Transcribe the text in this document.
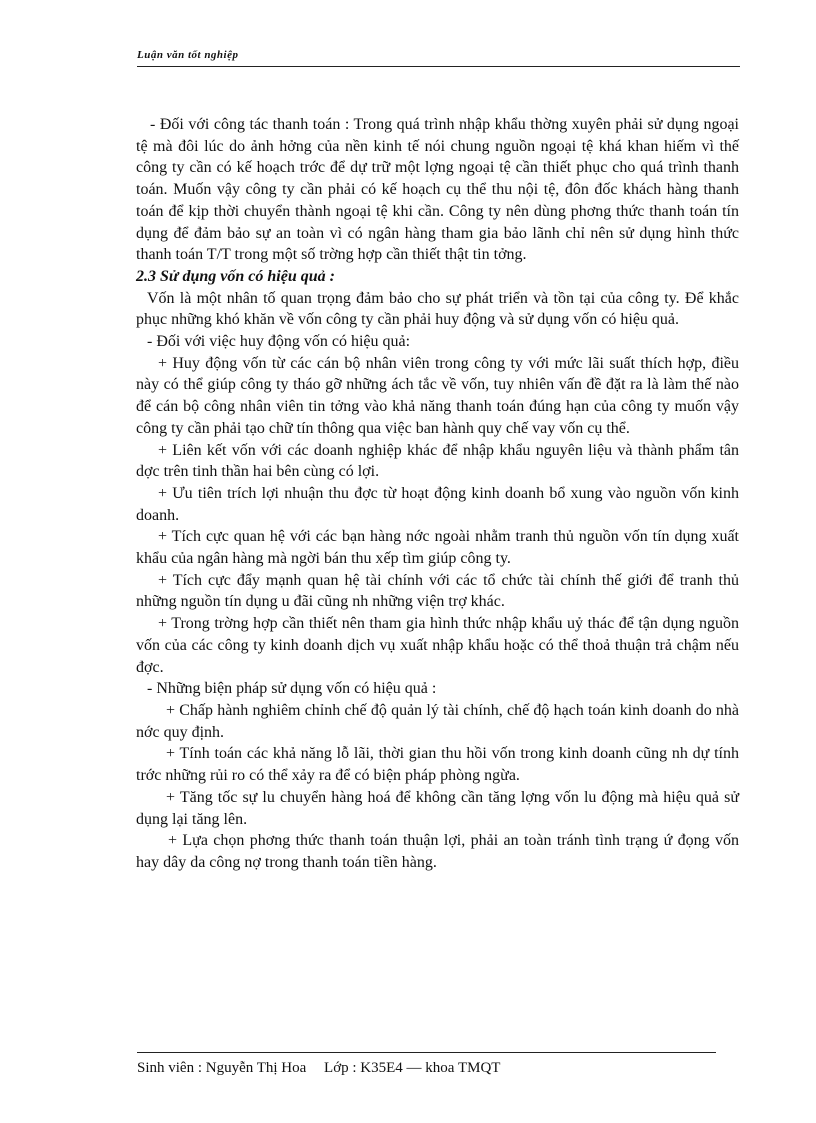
Luận văn tốt nghiệp

- Đối với công tác thanh toán : Trong quá trình nhập khẩu thờng xuyên phải sử dụng ngoại tệ mà đôi lúc do ảnh hởng của nền kinh tế nói chung nguồn ngoại tệ khá khan hiếm vì thế công ty cần có kế hoạch trớc để dự trữ một lợng ngoại tệ cần thiết phục cho quá trình thanh toán. Muốn vậy công ty cần phải có kế hoạch cụ thể thu nội tệ, đôn đốc khách hàng thanh toán để kịp thời chuyển thành ngoại tệ khi cần. Công ty nên dùng phơng thức thanh toán tín dụng để đảm bảo sự an toàn vì có ngân hàng tham gia bảo lãnh chỉ nên sử dụng hình thức thanh toán T/T trong một số trờng hợp cần thiết thật tin tởng.

2.3 Sử dụng vốn có hiệu quả :

Vốn là một nhân tố quan trọng đảm bảo cho sự phát triển và tồn tại của công ty. Để khắc phục những khó khăn về vốn công ty cần phải huy động và sử dụng vốn có hiệu quả.

- Đối với việc huy động vốn có hiệu quả:

+ Huy động vốn từ các cán bộ nhân viên trong công ty với mức lãi suất thích hợp, điều này có thể giúp công ty tháo gỡ những ách tắc về vốn, tuy nhiên vấn đề đặt ra là làm thế nào để cán bộ công nhân viên tin tởng vào khả năng thanh toán đúng hạn của công ty muốn vậy công ty cần phải tạo chữ tín thông qua việc ban hành quy chế vay vốn cụ thể.

+ Liên kết vốn với các doanh nghiệp khác để nhập khẩu nguyên liệu và thành phẩm tân dợc trên tinh thần hai bên cùng có lợi.

+ Ưu tiên trích lợi nhuận thu đợc từ hoạt động kinh doanh bổ xung vào nguồn vốn kinh doanh.

+ Tích cực quan hệ với các bạn hàng nớc ngoài nhằm tranh thủ nguồn vốn tín dụng xuất khẩu của ngân hàng mà ngời bán thu xếp tìm giúp công ty.

+ Tích cực đẩy mạnh quan hệ tài chính với các tổ chức tài chính thế giới để tranh thủ những nguồn tín dụng u đãi cũng nh những viện trợ khác.

+ Trong trờng hợp cần thiết nên tham gia hình thức nhập khẩu uỷ thác để tận dụng nguồn vốn của các công ty kinh doanh dịch vụ xuất nhập khẩu hoặc có thể thoả thuận trả chậm nếu đợc.

- Những biện pháp sử dụng vốn có hiệu quả :

+ Chấp hành nghiêm chỉnh chế độ quản lý tài chính, chế độ hạch toán kinh doanh do nhà nớc quy định.

+ Tính toán các khả năng lỗ lãi, thời gian thu hồi vốn trong kinh doanh cũng nh dự tính trớc những rủi ro có thể xảy ra để có biện pháp phòng ngừa.

+ Tăng tốc sự lu chuyển hàng hoá để không cần tăng lợng vốn lu động mà hiệu quả sử dụng lại tăng lên.

+ Lựa chọn phơng thức thanh toán thuận lợi, phải an toàn tránh tình trạng ứ đọng vốn hay dây da công nợ trong thanh toán tiền hàng.

Sinh viên : Nguyễn Thị Hoa Lớp : K35E4 — khoa TMQT
